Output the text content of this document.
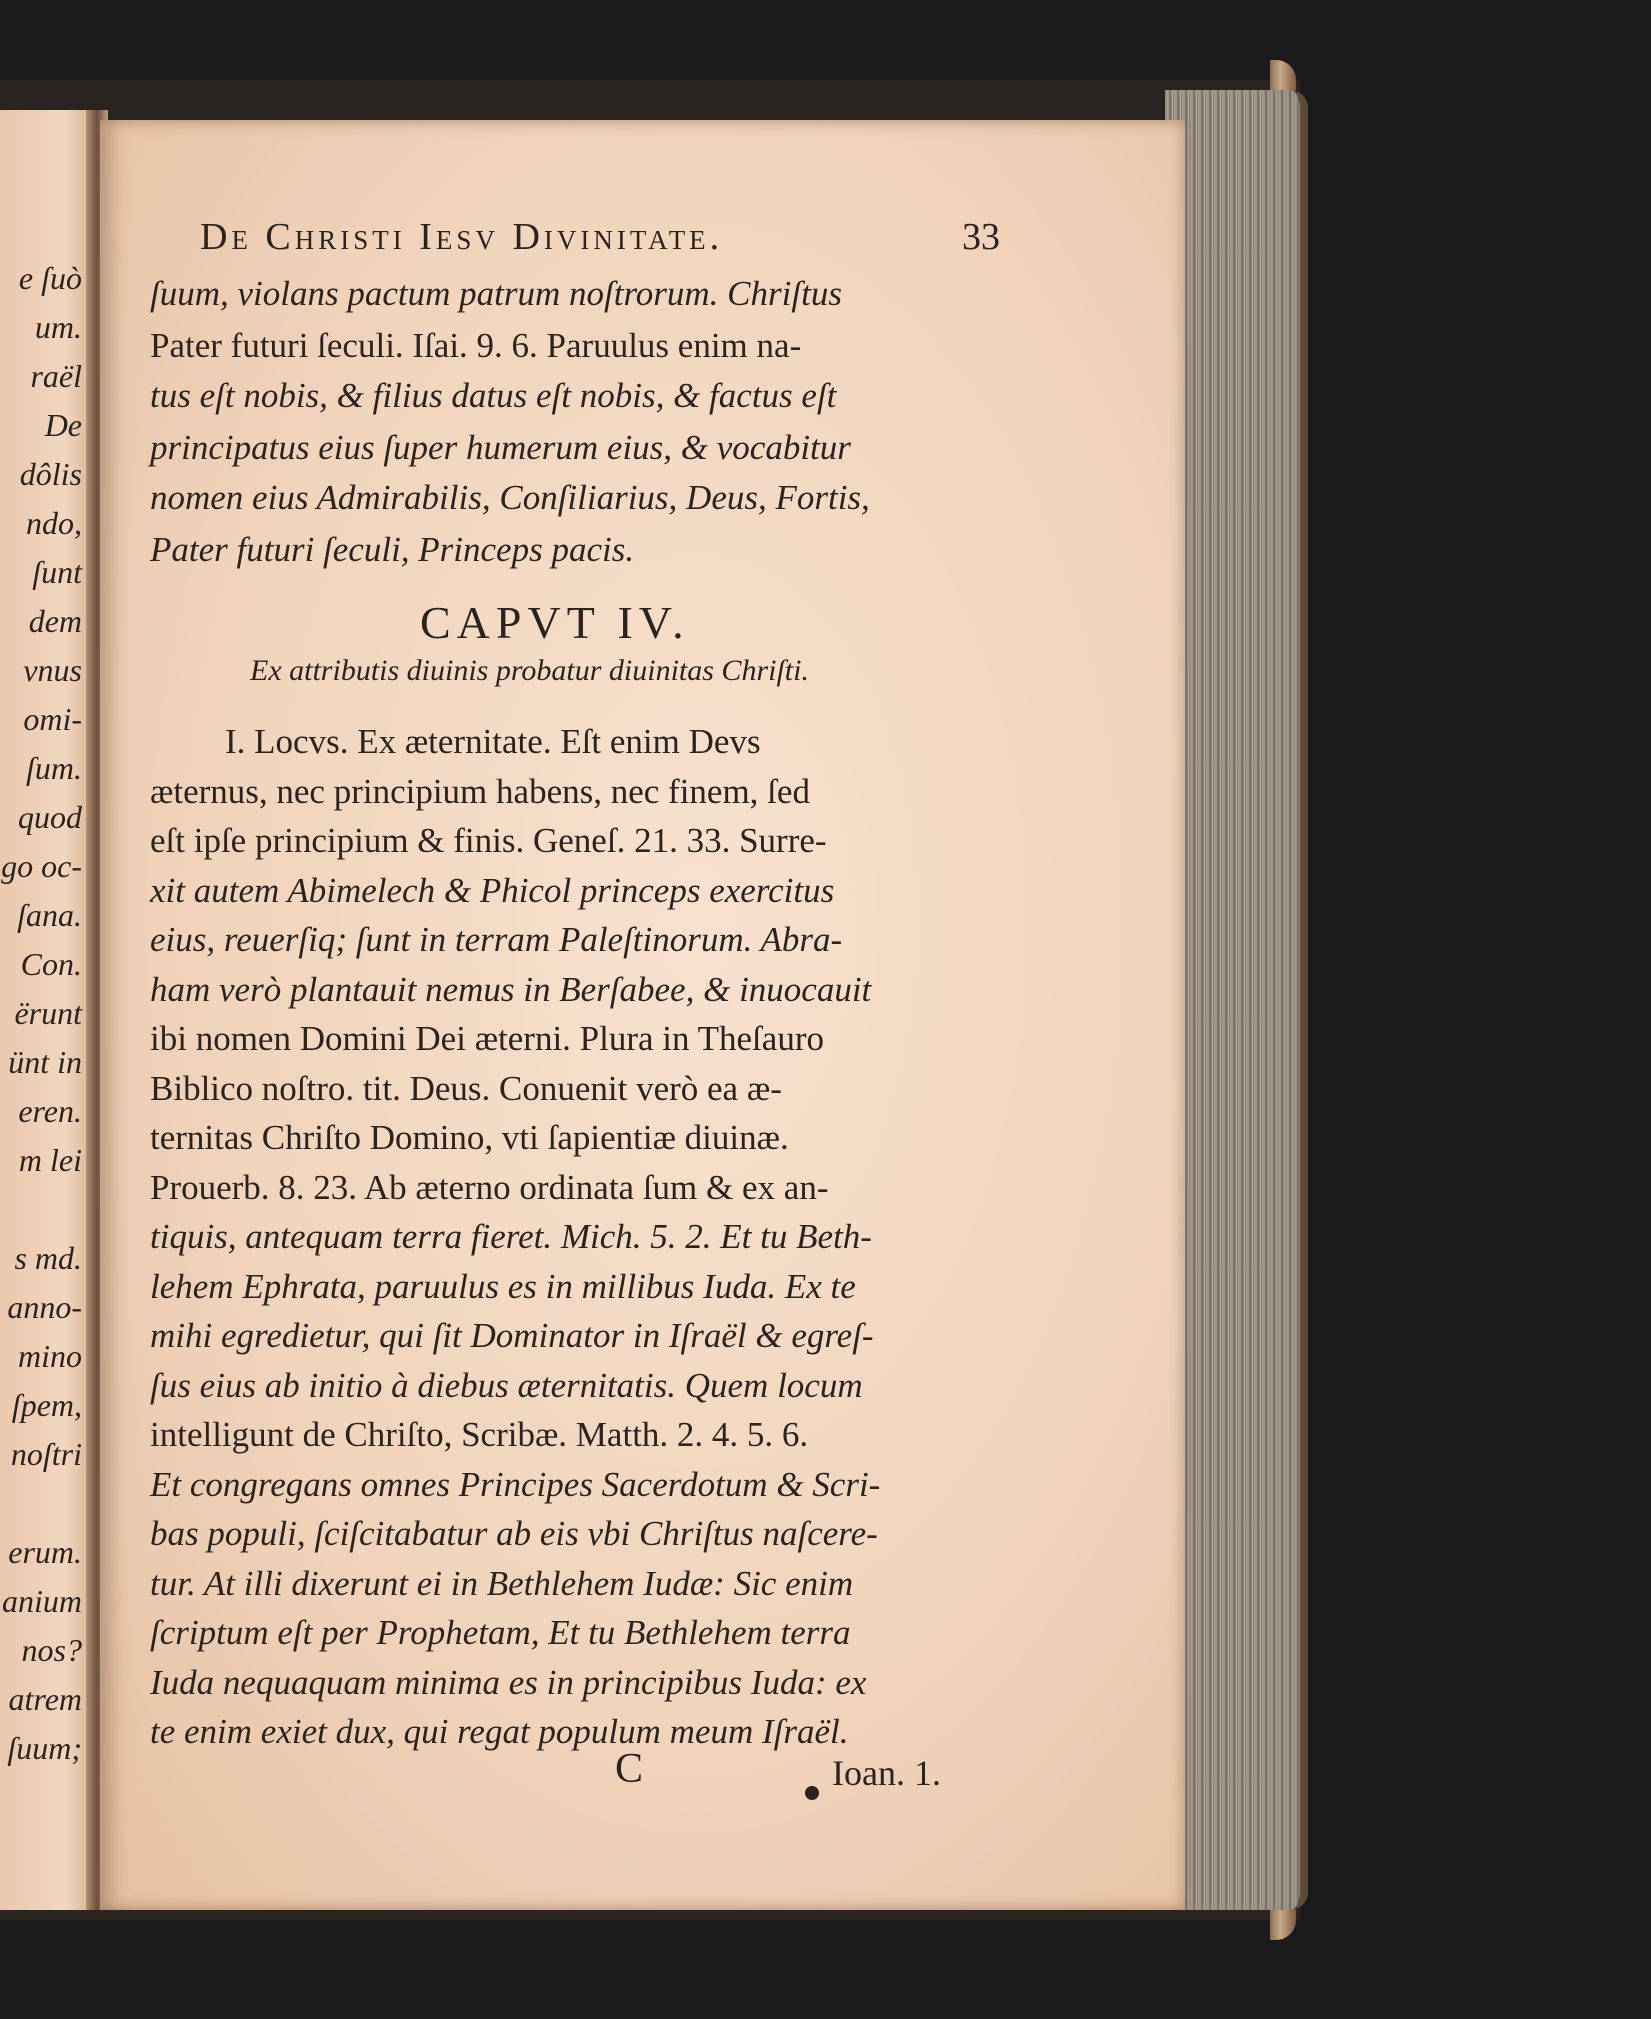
e ſuò
um.
raël
De
dôlis
ndo,
ſunt
dem
vnus
omi-
ſum.
quod
go oc-
ſana.
Con.
ërunt
ünt in
eren.
m lei
s md.
anno-
mino
ſpem,
noſtri
erum.
anium
nos?
atrem
ſuum;
De Christi Iesv Divinitate.	33
ſuum, violans pactum patrum noſtrorum. Chriſtus
Pater futuri ſeculi. Iſai. 9. 6. Paruulus enim na-
tus eſt nobis, & filius datus eſt nobis, & factus eſt
principatus eius ſuper humerum eius, & vocabitur
nomen eius Admirabilis, Conſiliarius, Deus, Fortis,
Pater futuri ſeculi, Princeps pacis.
CAPVT IV.
Ex attributis diuinis probatur diuinitas Chriſti.
I. Locvs. Ex æternitate. Eſt enim Devs
æternus, nec principium habens, nec finem, ſed
eſt ipſe principium & finis. Geneſ. 21. 33. Surre-
xit autem Abimelech & Phicol princeps exercitus
eius, reuerſiq; ſunt in terram Paleſtinorum. Abra-
ham verò plantauit nemus in Berſabee, & inuocauit
ibi nomen Domini Dei æterni. Plura in Theſauro
Biblico noſtro. tit. Deus. Conuenit verò ea æ-
ternitas Chriſto Domino, vti ſapientiæ diuinæ.
Prouerb. 8. 23. Ab æterno ordinata ſum & ex an-
tiquis, antequam terra fieret. Mich. 5. 2. Et tu Beth-
lehem Ephrata, paruulus es in millibus Iuda. Ex te
mihi egredietur, qui ſit Dominator in Iſraël & egreſ-
ſus eius ab initio à diebus æternitatis. Quem locum
intelligunt de Chriſto, Scribæ. Matth. 2. 4. 5. 6.
Et congregans omnes Principes Sacerdotum & Scri-
bas populi, ſciſcitabatur ab eis vbi Chriſtus naſcere-
tur. At illi dixerunt ei in Bethlehem Iudæ: Sic enim
ſcriptum eſt per Prophetam, Et tu Bethlehem terra
Iuda nequaquam minima es in principibus Iuda: ex
te enim exiet dux, qui regat populum meum Iſraël.
C	Ioan. 1.
